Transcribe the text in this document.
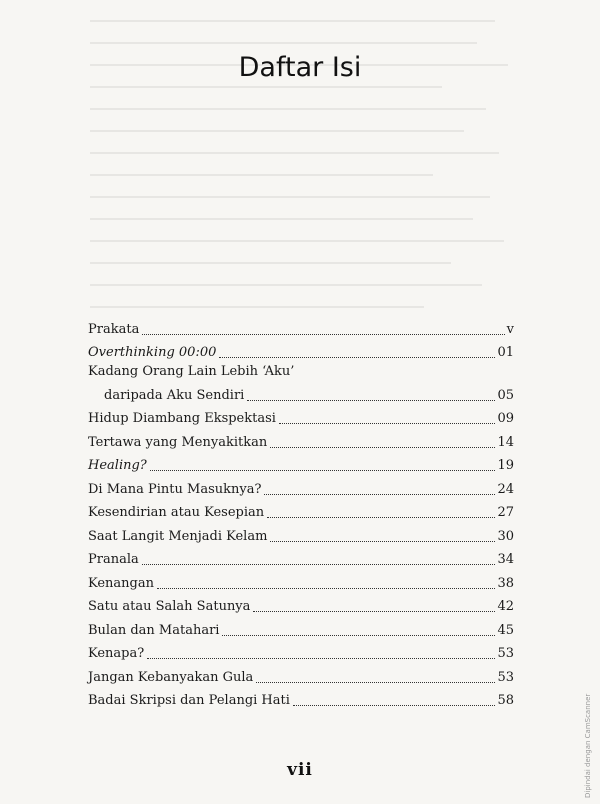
Daftar Isi
Prakata	v
Overthinking 00:00	01
Kadang Orang Lain Lebih ‘Aku’
daripada Aku Sendiri	05
Hidup Diambang Ekspektasi	09
Tertawa yang Menyakitkan	14
Healing?	19
Di Mana Pintu Masuknya?	24
Kesendirian atau Kesepian	27
Saat Langit Menjadi Kelam	30
Pranala	34
Kenangan	38
Satu atau Salah Satunya	42
Bulan dan Matahari	45
Kenapa?	53
Jangan Kebanyakan Gula	53
Badai Skripsi dan Pelangi Hati	58
vii	Dipindai dengan CamScanner
